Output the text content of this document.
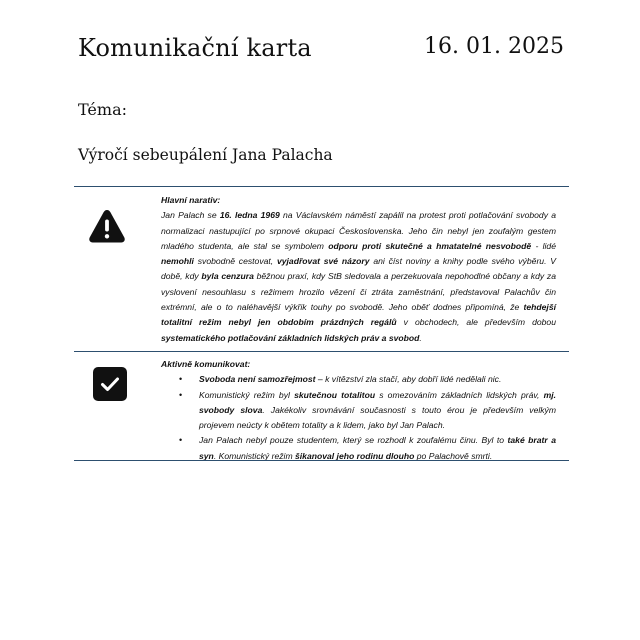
Komunikační karta	16. 01. 2025
Téma:
Výročí sebeupálení Jana Palacha
Hlavní narativ:
Jan Palach se 16. ledna 1969 na Václavském náměstí zapálil na protest proti potlačování svobody a normalizaci nastupující po srpnové okupaci Československa. Jeho čin nebyl jen zoufalým gestem mladého studenta, ale stal se symbolem odporu proti skutečné a hmatatelné nesvobodě - lidé nemohli svobodně cestovat, vyjadřovat své názory ani číst noviny a knihy podle svého výběru. V době, kdy byla cenzura běžnou praxí, kdy StB sledovala a perzekuovala nepohodlné občany a kdy za vyslovení nesouhlasu s režimem hrozilo vězení či ztráta zaměstnání, představoval Palachův čin extrémní, ale o to naléhavější výkřik touhy po svobodě. Jeho oběť dodnes připomíná, že tehdejší totalitní režim nebyl jen obdobím prázdných regálů v obchodech, ale především dobou systematického potlačování základních lidských práv a svobod.
Aktivně komunikovat:
• Svoboda není samozřejmost – k vítězství zla stačí, aby dobří lidé nedělali nic.
• Komunistický režim byl skutečnou totalitou s omezováním základních lidských práv, mj. svobody slova. Jakékoliv srovnávání současnosti s touto érou je především velkým projevem neúcty k obětem totality a k lidem, jako byl Jan Palach.
• Jan Palach nebyl pouze studentem, který se rozhodl k zoufalému činu. Byl to také bratr a syn. Komunistický režim šikanoval jeho rodinu dlouho po Palachově smrti.
